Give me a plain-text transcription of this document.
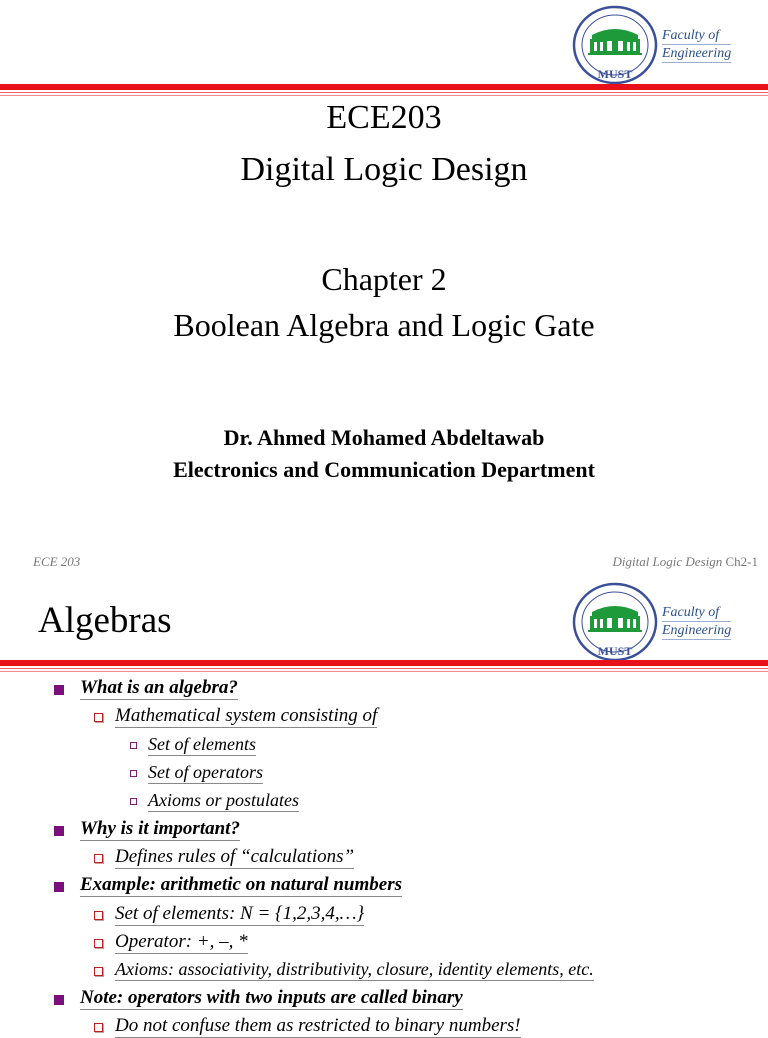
MUST
Faculty of
Engineering
ECE203
Digital Logic Design
Chapter 2
Boolean Algebra and Logic Gate
Dr. Ahmed Mohamed Abdeltawab
Electronics and Communication Department
ECE 203	Digital Logic Design Ch2-1
Algebras
MUST
Faculty of
Engineering
What is an algebra?
Mathematical system consisting of
Set of elements
Set of operators
Axioms or postulates
Why is it important?
Defines rules of “calculations”
Example: arithmetic on natural numbers
Set of elements: N = {1,2,3,4,…}
Operator: +, –, *
Axioms: associativity, distributivity, closure, identity elements, etc.
Note: operators with two inputs are called binary
Do not confuse them as restricted to binary numbers!
